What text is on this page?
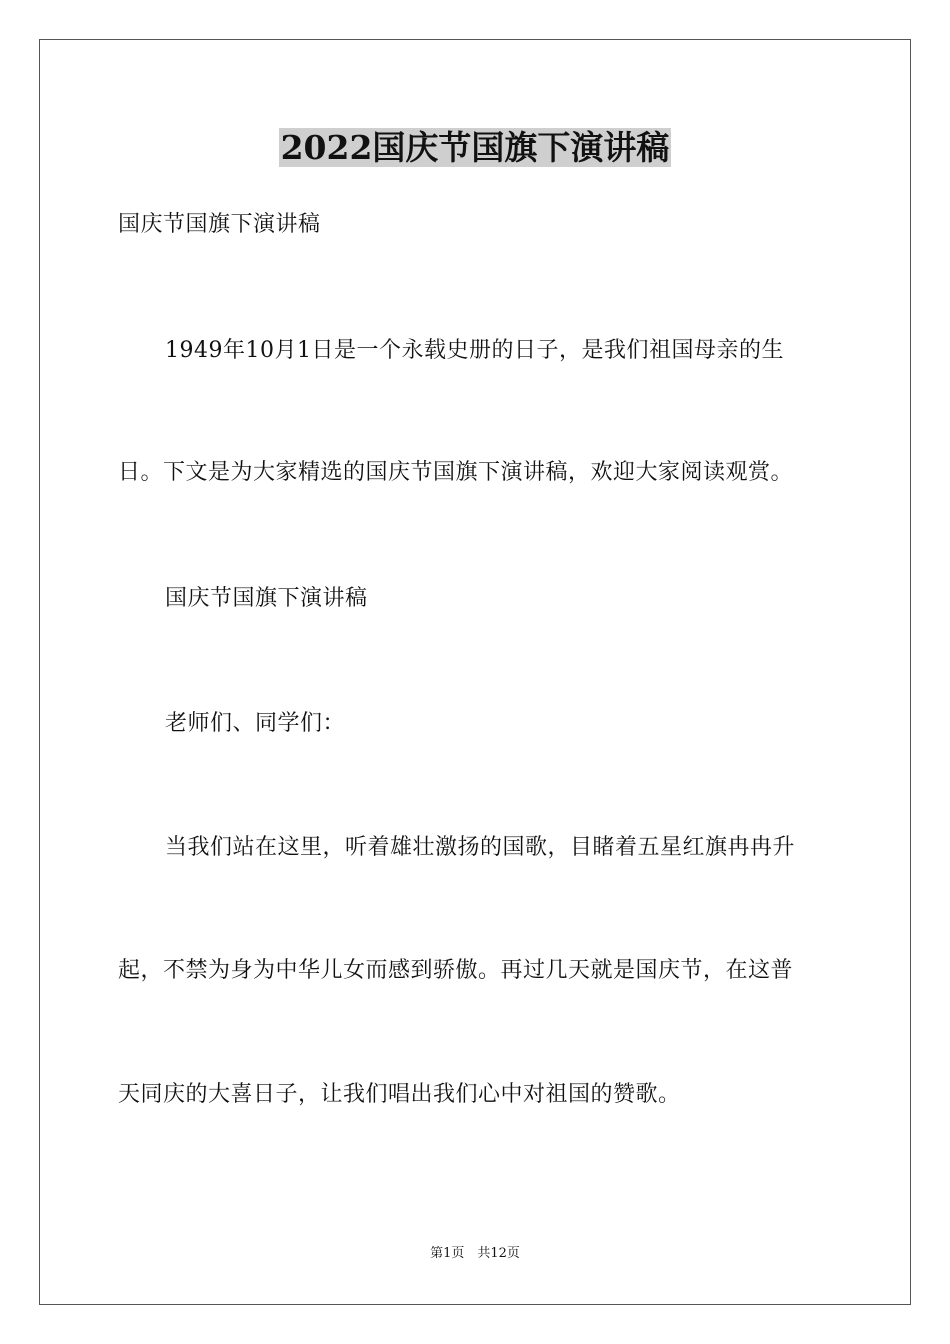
2022国庆节国旗下演讲稿
国庆节国旗下演讲稿
1949年10月1日是一个永载史册的日子，是我们祖国母亲的生
日。下文是为大家精选的国庆节国旗下演讲稿，欢迎大家阅读观赏。
国庆节国旗下演讲稿
老师们、同学们：
当我们站在这里，听着雄壮激扬的国歌，目睹着五星红旗冉冉升
起，不禁为身为中华儿女而感到骄傲。再过几天就是国庆节，在这普
天同庆的大喜日子，让我们唱出我们心中对祖国的赞歌。
第1页　共12页
